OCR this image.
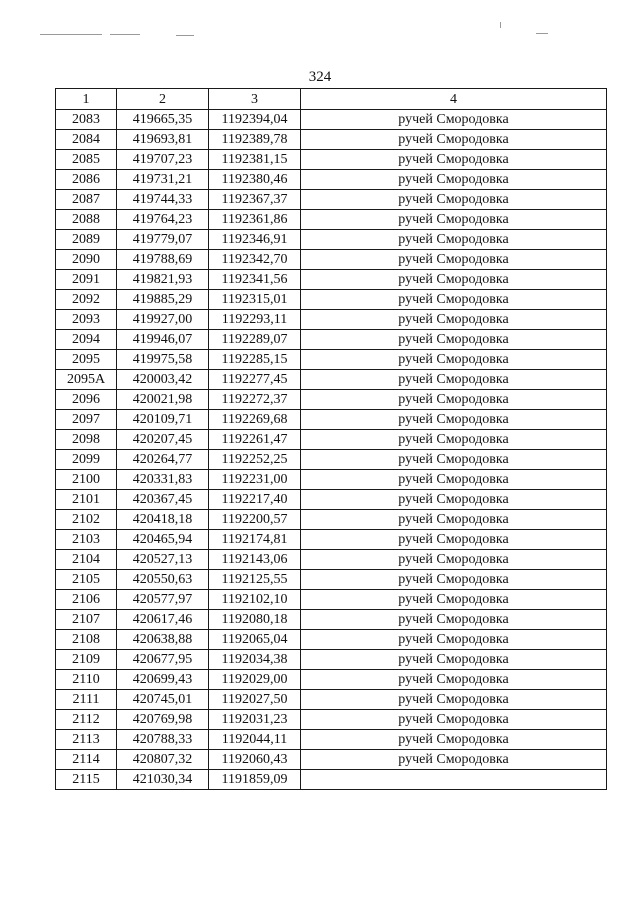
324
1	2	3	4
2083	419665,35	1192394,04	ручей Смородовка
2084	419693,81	1192389,78	ручей Смородовка
2085	419707,23	1192381,15	ручей Смородовка
2086	419731,21	1192380,46	ручей Смородовка
2087	419744,33	1192367,37	ручей Смородовка
2088	419764,23	1192361,86	ручей Смородовка
2089	419779,07	1192346,91	ручей Смородовка
2090	419788,69	1192342,70	ручей Смородовка
2091	419821,93	1192341,56	ручей Смородовка
2092	419885,29	1192315,01	ручей Смородовка
2093	419927,00	1192293,11	ручей Смородовка
2094	419946,07	1192289,07	ручей Смородовка
2095	419975,58	1192285,15	ручей Смородовка
2095А	420003,42	1192277,45	ручей Смородовка
2096	420021,98	1192272,37	ручей Смородовка
2097	420109,71	1192269,68	ручей Смородовка
2098	420207,45	1192261,47	ручей Смородовка
2099	420264,77	1192252,25	ручей Смородовка
2100	420331,83	1192231,00	ручей Смородовка
2101	420367,45	1192217,40	ручей Смородовка
2102	420418,18	1192200,57	ручей Смородовка
2103	420465,94	1192174,81	ручей Смородовка
2104	420527,13	1192143,06	ручей Смородовка
2105	420550,63	1192125,55	ручей Смородовка
2106	420577,97	1192102,10	ручей Смородовка
2107	420617,46	1192080,18	ручей Смородовка
2108	420638,88	1192065,04	ручей Смородовка
2109	420677,95	1192034,38	ручей Смородовка
2110	420699,43	1192029,00	ручей Смородовка
2111	420745,01	1192027,50	ручей Смородовка
2112	420769,98	1192031,23	ручей Смородовка
2113	420788,33	1192044,11	ручей Смородовка
2114	420807,32	1192060,43	ручей Смородовка
2115	421030,34	1191859,09	
